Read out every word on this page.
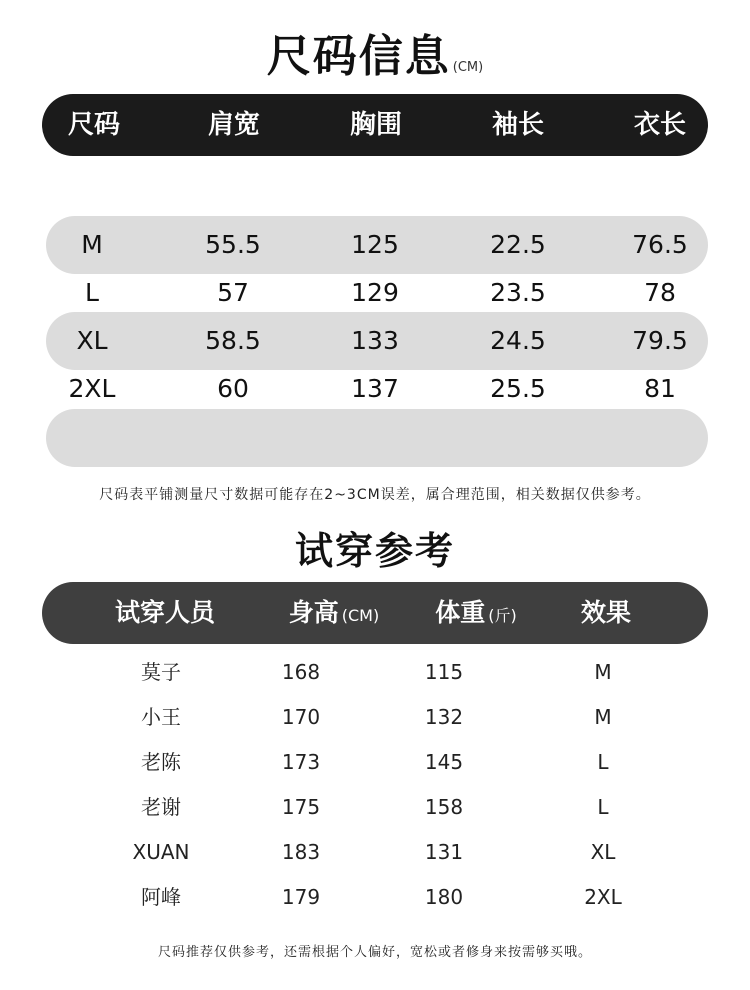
尺码信息 (CM)
尺码	肩宽	胸围	袖长	衣长
M	55.5	125	22.5	76.5
L	57	129	23.5	78
XL	58.5	133	24.5	79.5
2XL	60	137	25.5	81
尺码表平铺测量尺寸数据可能存在2~3CM误差，属合理范围，相关数据仅供参考。
试穿参考
试穿人员	身高 (CM)	体重 (斤)	效果
莫子	168	115	M
小王	170	132	M
老陈	173	145	L
老谢	175	158	L
XUAN	183	131	XL
阿峰	179	180	2XL
尺码推荐仅供参考，还需根据个人偏好，宽松或者修身来按需够买哦。
